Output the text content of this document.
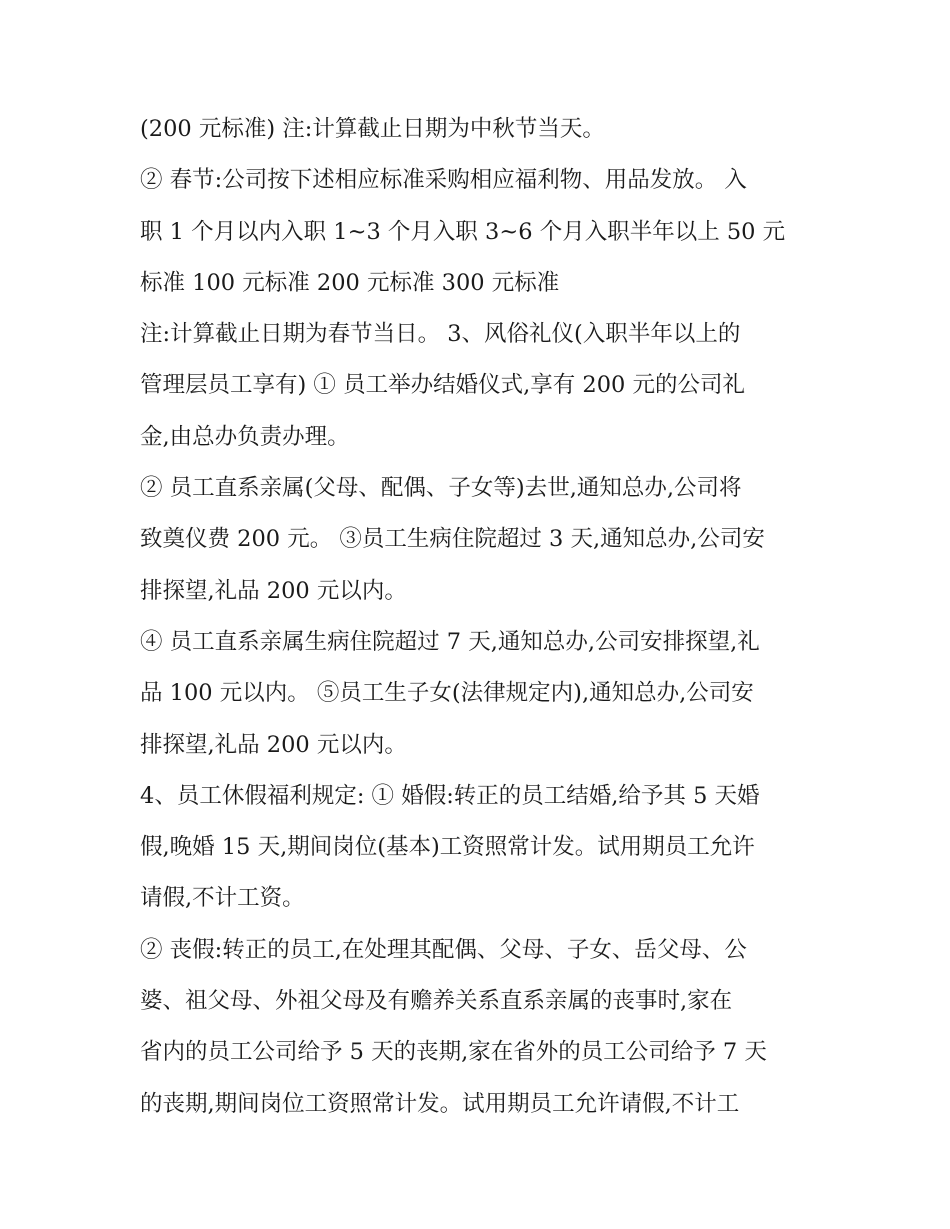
(200 元标准) 注:计算截止日期为中秋节当天。
② 春节:公司按下述相应标准采购相应福利物、用品发放。 入
职 1 个月以内入职 1~3 个月入职 3~6 个月入职半年以上 50 元
标准 100 元标准 200 元标准 300 元标准
注:计算截止日期为春节当日。 3、风俗礼仪(入职半年以上的
管理层员工享有) ① 员工举办结婚仪式,享有 200 元的公司礼
金,由总办负责办理。
② 员工直系亲属(父母、配偶、子女等)去世,通知总办,公司将
致奠仪费 200 元。 ③员工生病住院超过 3 天,通知总办,公司安
排探望,礼品 200 元以内。
④ 员工直系亲属生病住院超过 7 天,通知总办,公司安排探望,礼
品 100 元以内。 ⑤员工生子女(法律规定内),通知总办,公司安
排探望,礼品 200 元以内。
4、员工休假福利规定: ① 婚假:转正的员工结婚,给予其 5 天婚
假,晚婚 15 天,期间岗位(基本)工资照常计发。试用期员工允许
请假,不计工资。
② 丧假:转正的员工,在处理其配偶、父母、子女、岳父母、公
婆、祖父母、外祖父母及有赡养关系直系亲属的丧事时,家在
省内的员工公司给予 5 天的丧期,家在省外的员工公司给予 7 天
的丧期,期间岗位工资照常计发。试用期员工允许请假,不计工
